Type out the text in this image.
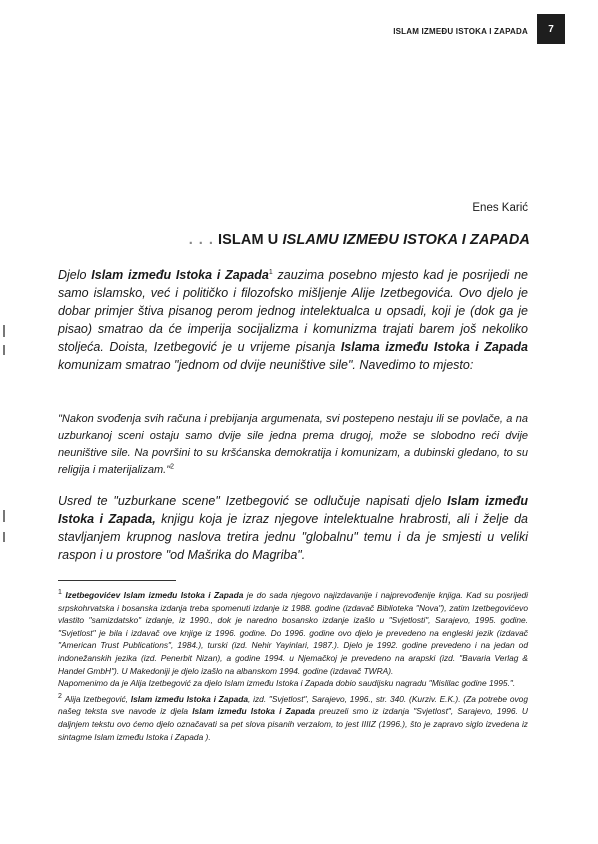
ISLAM IZMEĐU ISTOKA I ZAPADA	7
Enes Karić
. . . ISLAM U ISLAMU IZMEĐU ISTOKA I ZAPADA

Djelo Islam između Istoka i Zapada$^1$ zauzima posebno mjesto kad je posrijedi ne samo islamsko, već i političko i filozofsko mišljenje Alije Izetbegovića. Ovo djelo je dobar primjer štiva pisanog perom jednog intelektualca u opsadi, koji je (dok ga je pisao) smatrao da će imperija socijalizma i komunizma trajati barem još nekoliko stoljeća. Doista, Izetbegović je u vrijeme pisanja Islama između Istoka i Zapada komunizam smatrao "jednom od dvije neuništive sile". Navedimo to mjesto:

"Nakon svođenja svih računa i prebijanja argumenata, svi postepeno nestaju ili se povlače, a na uzburkanoj sceni ostaju samo dvije sile jedna prema drugoj, može se slobodno reći dvije neuništive sile. Na površini to su kršćanska demokratija i komunizam, a dubinski gledano, to su religija i materijalizam."$^2$

Usred te "uzburkane scene" Izetbegović se odlučuje napisati djelo Islam između Istoka i Zapada, knjigu koja je izraz njegove intelektualne hrabrosti, ali i želje da stavljanjem krupnog naslova tretira jednu "globalnu" temu i da je smjesti u veliki raspon i u prostore "od Mašrika do Magriba".

$^1$ Izetbegovićev Islam između Istoka i Zapada je do sada njegovo najizdavanije i najprevođenije knjiga. Kad su posrijedi srpskohrvatska i bosanska izdanja treba spomenuti izdanje iz 1988. godine (izdavač Biblioteka "Nova"), zatim Izetbegovićevo vlastito "samizdatsko" izdanje, iz 1990., dok je naredno bosansko izdanje izašlo u "Svjetlosti", Sarajevo, 1995. godine. "Svjetlost" je bila i izdavač ove knjige iz 1996. godine. Do 1996. godine ovo djelo je prevedeno na engleski jezik (izdavač "American Trust Publications", 1984.), turski (izd. Nehir Yayinlari, 1987.). Djelo je 1992. godine prevedeno i na jedan od indonežanskih jezika (izd. Penerbit Nizan), a godine 1994. u Njemačkoj je prevedeno na arapski (izd. "Bavaria Verlag & Handel GmbH"). U Makedoniji je djelo izašlo na albanskom 1994. godine (izdavač TWRA).

Napomenimo da je Alija Izetbegović za djelo Islam između Istoka i Zapada dobio saudijsku nagradu "Mislilac godine 1995.".

$^2$ Alija Izetbegović, Islam između Istoka i Zapada, izd. "Svjetlost", Sarajevo, 1996., str. 340. (Kurziv. E.K.). (Za potrebe ovog našeg teksta sve navode iz djela Islam između Istoka i Zapada preuzeli smo iz izdanja "Svjetlost", Sarajevo, 1996. U daljnjem tekstu ovo ćemo djelo označavati sa pet slova pisanih verzalom, to jest IIIIZ (1996.), što je zapravo siglo izvedena iz sintagme Islam između Istoka i Zapada ).
